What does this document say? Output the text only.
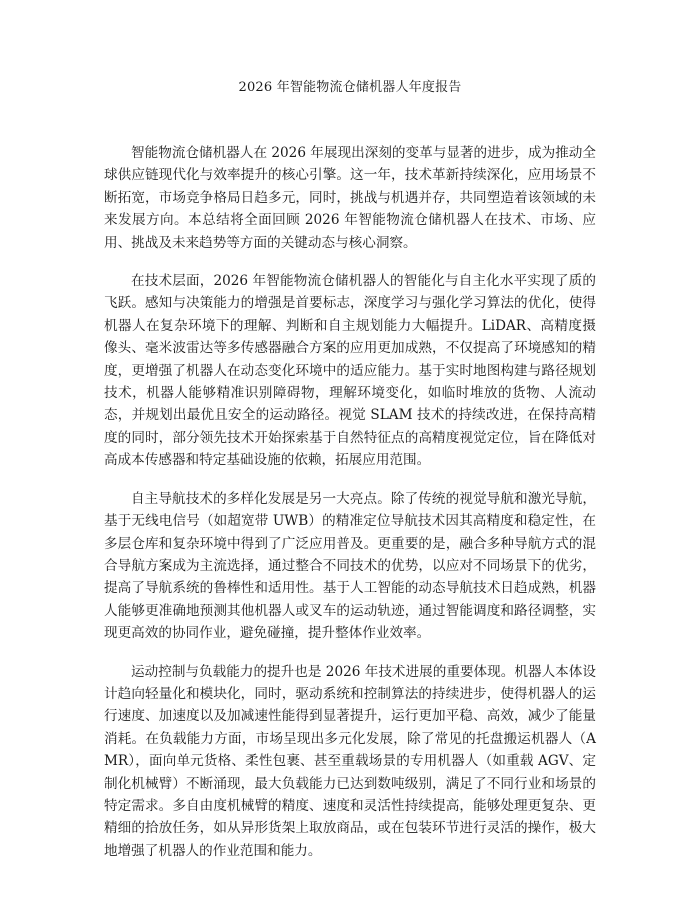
2026 年智能物流仓储机器人年度报告

智能物流仓储机器人在 2026 年展现出深刻的变革与显著的进步，成为推动全球供应链现代化与效率提升的核心引擎。这一年，技术革新持续深化，应用场景不断拓宽，市场竞争格局日趋多元，同时，挑战与机遇并存，共同塑造着该领域的未来发展方向。本总结将全面回顾 2026 年智能物流仓储机器人在技术、市场、应用、挑战及未来趋势等方面的关键动态与核心洞察。

在技术层面，2026 年智能物流仓储机器人的智能化与自主化水平实现了质的飞跃。感知与决策能力的增强是首要标志，深度学习与强化学习算法的优化，使得机器人在复杂环境下的理解、判断和自主规划能力大幅提升。LiDAR、高精度摄像头、毫米波雷达等多传感器融合方案的应用更加成熟，不仅提高了环境感知的精度，更增强了机器人在动态变化环境中的适应能力。基于实时地图构建与路径规划技术，机器人能够精准识别障碍物，理解环境变化，如临时堆放的货物、人流动态，并规划出最优且安全的运动路径。视觉 SLAM 技术的持续改进，在保持高精度的同时，部分领先技术开始探索基于自然特征点的高精度视觉定位，旨在降低对高成本传感器和特定基础设施的依赖，拓展应用范围。

自主导航技术的多样化发展是另一大亮点。除了传统的视觉导航和激光导航，基于无线电信号（如超宽带 UWB）的精准定位导航技术因其高精度和稳定性，在多层仓库和复杂环境中得到了广泛应用普及。更重要的是，融合多种导航方式的混合导航方案成为主流选择，通过整合不同技术的优势，以应对不同场景下的优劣，提高了导航系统的鲁棒性和适用性。基于人工智能的动态导航技术日趋成熟，机器人能够更准确地预测其他机器人或叉车的运动轨迹，通过智能调度和路径调整，实现更高效的协同作业，避免碰撞，提升整体作业效率。

运动控制与负载能力的提升也是 2026 年技术进展的重要体现。机器人本体设计趋向轻量化和模块化，同时，驱动系统和控制算法的持续进步，使得机器人的运行速度、加速度以及加减速性能得到显著提升，运行更加平稳、高效，减少了能量消耗。在负载能力方面，市场呈现出多元化发展，除了常见的托盘搬运机器人（AMR），面向单元货格、柔性包裹、甚至重载场景的专用机器人（如重载 AGV、定制化机械臂）不断涌现，最大负载能力已达到数吨级别，满足了不同行业和场景的特定需求。多自由度机械臂的精度、速度和灵活性持续提高，能够处理更复杂、更精细的拾放任务，如从异形货架上取放商品，或在包装环节进行灵活的操作，极大地增强了机器人的作业范围和能力。
